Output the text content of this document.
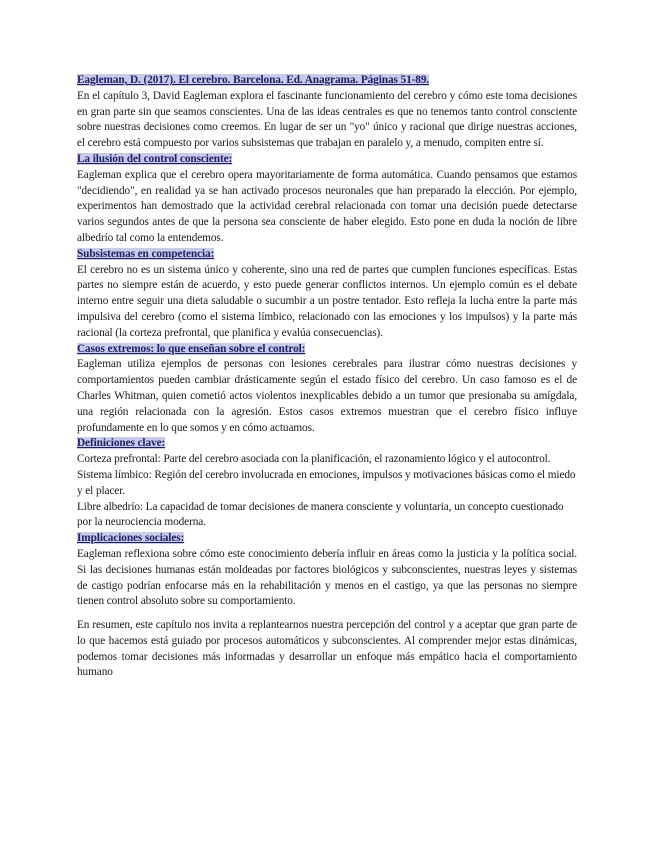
Eagleman, D. (2017). El cerebro. Barcelona. Ed. Anagrama. Páginas 51-89.

En el capítulo 3, David Eagleman explora el fascinante funcionamiento del cerebro y cómo este toma decisiones en gran parte sin que seamos conscientes. Una de las ideas centrales es que no tenemos tanto control consciente sobre nuestras decisiones como creemos. En lugar de ser un "yo" único y racional que dirige nuestras acciones, el cerebro está compuesto por varios subsistemas que trabajan en paralelo y, a menudo, compiten entre sí.

La ilusión del control consciente:

Eagleman explica que el cerebro opera mayoritariamente de forma automática. Cuando pensamos que estamos "decidiendo", en realidad ya se han activado procesos neuronales que han preparado la elección. Por ejemplo, experimentos han demostrado que la actividad cerebral relacionada con tomar una decisión puede detectarse varios segundos antes de que la persona sea consciente de haber elegido. Esto pone en duda la noción de libre albedrío tal como la entendemos.

Subsistemas en competencia:

El cerebro no es un sistema único y coherente, sino una red de partes que cumplen funciones específicas. Estas partes no siempre están de acuerdo, y esto puede generar conflictos internos. Un ejemplo común es el debate interno entre seguir una dieta saludable o sucumbir a un postre tentador. Esto refleja la lucha entre la parte más impulsiva del cerebro (como el sistema límbico, relacionado con las emociones y los impulsos) y la parte más racional (la corteza prefrontal, que planifica y evalúa consecuencias).

Casos extremos: lo que enseñan sobre el control:

Eagleman utiliza ejemplos de personas con lesiones cerebrales para ilustrar cómo nuestras decisiones y comportamientos pueden cambiar drásticamente según el estado físico del cerebro. Un caso famoso es el de Charles Whitman, quien cometió actos violentos inexplicables debido a un tumor que presionaba su amígdala, una región relacionada con la agresión. Estos casos extremos muestran que el cerebro físico influye profundamente en lo que somos y en cómo actuamos.

Definiciones clave:

Corteza prefrontal: Parte del cerebro asociada con la planificación, el razonamiento lógico y el autocontrol.

Sistema límbico: Región del cerebro involucrada en emociones, impulsos y motivaciones básicas como el miedo y el placer.

Libre albedrío: La capacidad de tomar decisiones de manera consciente y voluntaria, un concepto cuestionado por la neurociencia moderna.

Implicaciones sociales:

Eagleman reflexiona sobre cómo este conocimiento debería influir en áreas como la justicia y la política social. Si las decisiones humanas están moldeadas por factores biológicos y subconscientes, nuestras leyes y sistemas de castigo podrían enfocarse más en la rehabilitación y menos en el castigo, ya que las personas no siempre tienen control absoluto sobre su comportamiento.

En resumen, este capítulo nos invita a replantearnos nuestra percepción del control y a aceptar que gran parte de lo que hacemos está guiado por procesos automáticos y subconscientes. Al comprender mejor estas dinámicas, podemos tomar decisiones más informadas y desarrollar un enfoque más empático hacia el comportamiento humano
